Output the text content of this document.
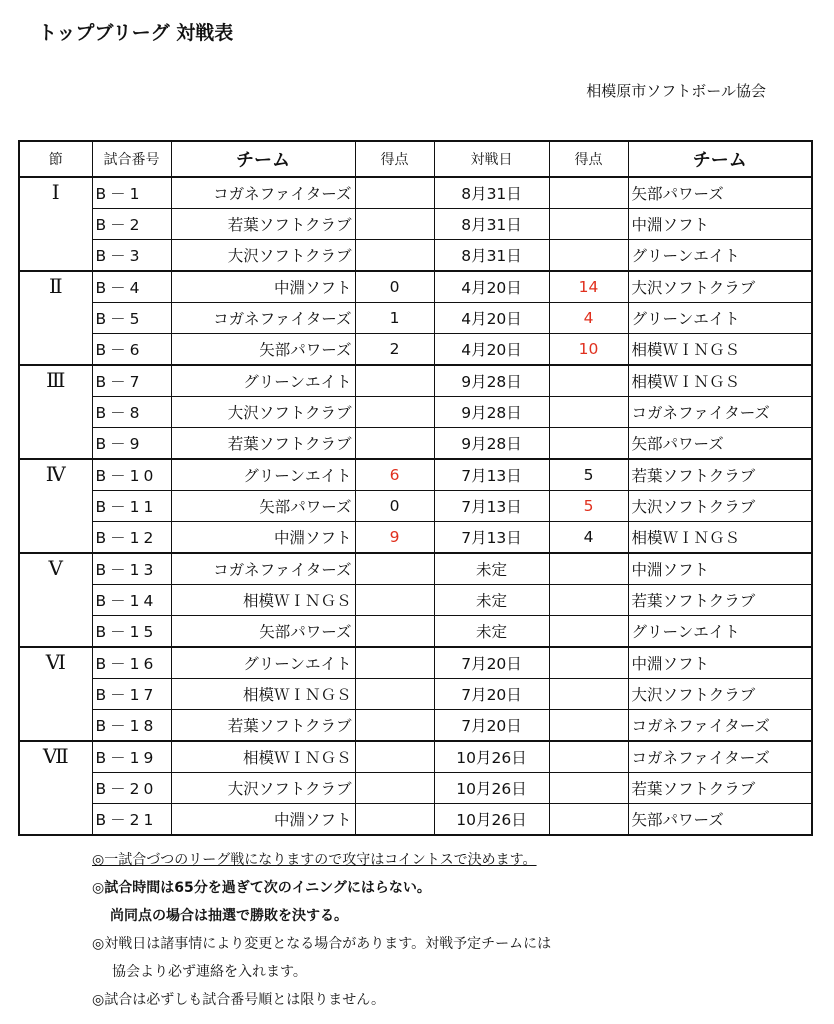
トップブリーグ 対戦表
相模原市ソフトボール協会
節	試合番号	チーム	得点	対戦日	得点	チーム
Ⅰ	B－1	コガネファイターズ		8月31日		矢部パワーズ
	B－2	若葉ソフトクラブ		8月31日		中淵ソフト
	B－3	大沢ソフトクラブ		8月31日		グリーンエイト
Ⅱ	B－4	中淵ソフト	0	4月20日	14	大沢ソフトクラブ
	B－5	コガネファイターズ	1	4月20日	4	グリーンエイト
	B－6	矢部パワーズ	2	4月20日	10	相模ＷＩＮＧＳ
Ⅲ	B－7	グリーンエイト		9月28日		相模ＷＩＮＧＳ
	B－8	大沢ソフトクラブ		9月28日		コガネファイターズ
	B－9	若葉ソフトクラブ		9月28日		矢部パワーズ
Ⅳ	B－10	グリーンエイト	6	7月13日	5	若葉ソフトクラブ
	B－11	矢部パワーズ	0	7月13日	5	大沢ソフトクラブ
	B－12	中淵ソフト	9	7月13日	4	相模ＷＩＮＧＳ
Ⅴ	B－13	コガネファイターズ		未定		中淵ソフト
	B－14	相模ＷＩＮＧＳ		未定		若葉ソフトクラブ
	B－15	矢部パワーズ		未定		グリーンエイト
Ⅵ	B－16	グリーンエイト		7月20日		中淵ソフト
	B－17	相模ＷＩＮＧＳ		7月20日		大沢ソフトクラブ
	B－18	若葉ソフトクラブ		7月20日		コガネファイターズ
Ⅶ	B－19	相模ＷＩＮＧＳ		10月26日		コガネファイターズ
	B－20	大沢ソフトクラブ		10月26日		若葉ソフトクラブ
	B－21	中淵ソフト		10月26日		矢部パワーズ
◎一試合づつのリーグ戦になりますので攻守はコイントスで決めます。
◎試合時間は65分を過ぎて次のイニングにはらない。
尚同点の場合は抽選で勝敗を決する。
◎対戦日は諸事情により変更となる場合があります。対戦予定チームには
協会より必ず連絡を入れます。
◎試合は必ずしも試合番号順とは限りません。
